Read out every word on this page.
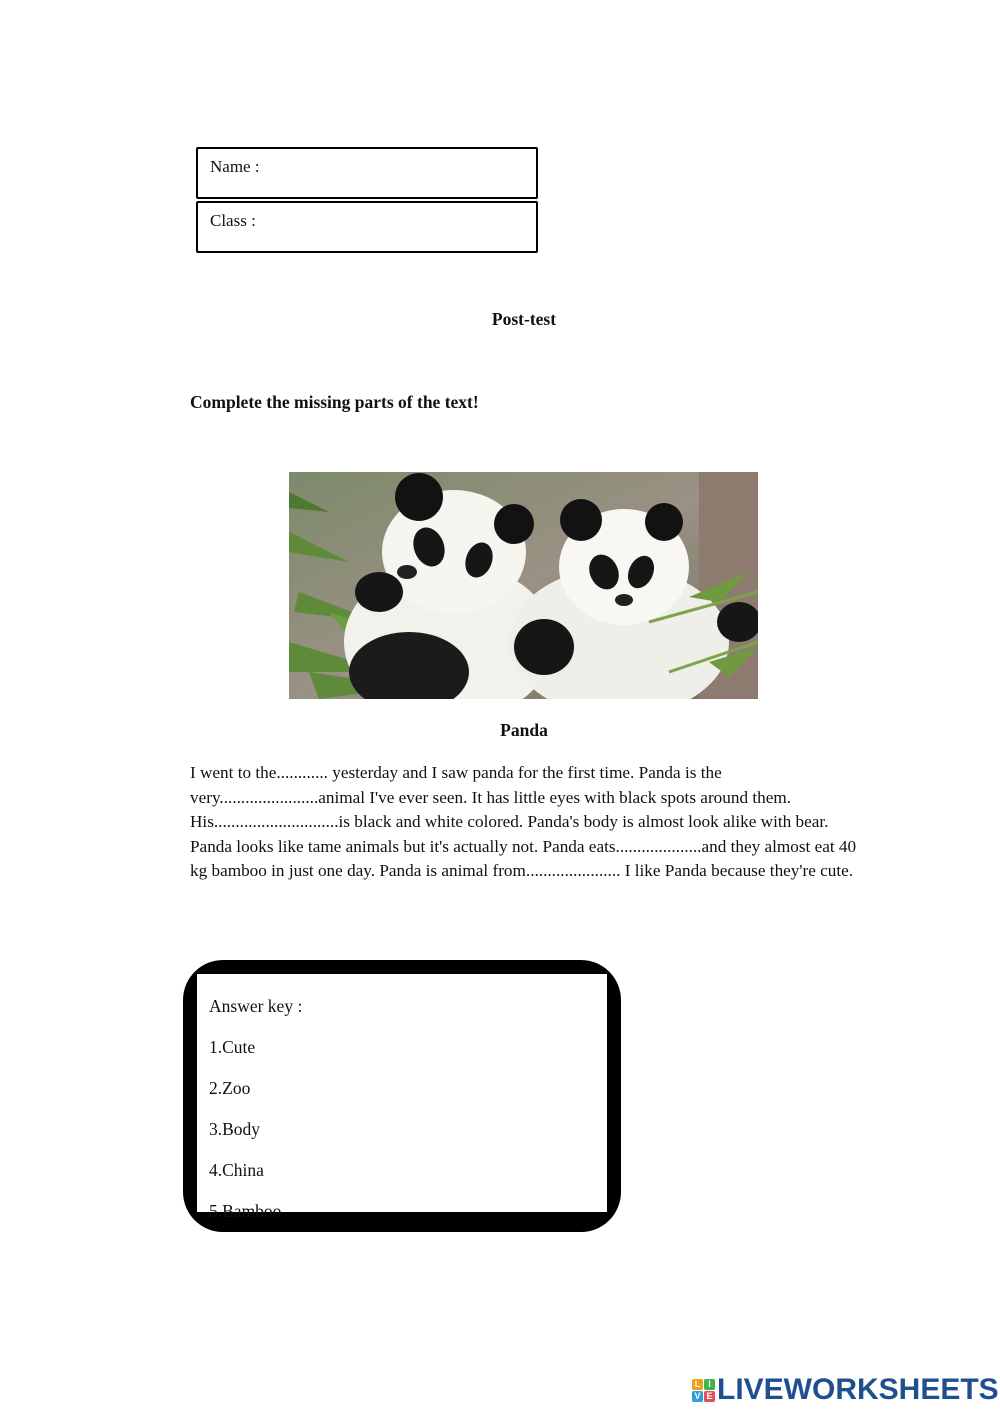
Name :
Class :
Post-test
Complete the missing parts of the text!
Panda
I went to the............ yesterday and I saw panda for the first time. Panda is the very.......................animal I've ever seen. It has little eyes with black spots around them. His.............................is black and white colored. Panda's body is almost look alike with bear. Panda looks like tame animals but it's actually not. Panda eats....................and they almost eat 40 kg bamboo in just one day. Panda is animal from...................... I like Panda because they're cute.
Answer key :
1.Cute
2.Zoo
3.Body
4.China
5.Bamboo
L I
V E LIVEWORKSHEETS
